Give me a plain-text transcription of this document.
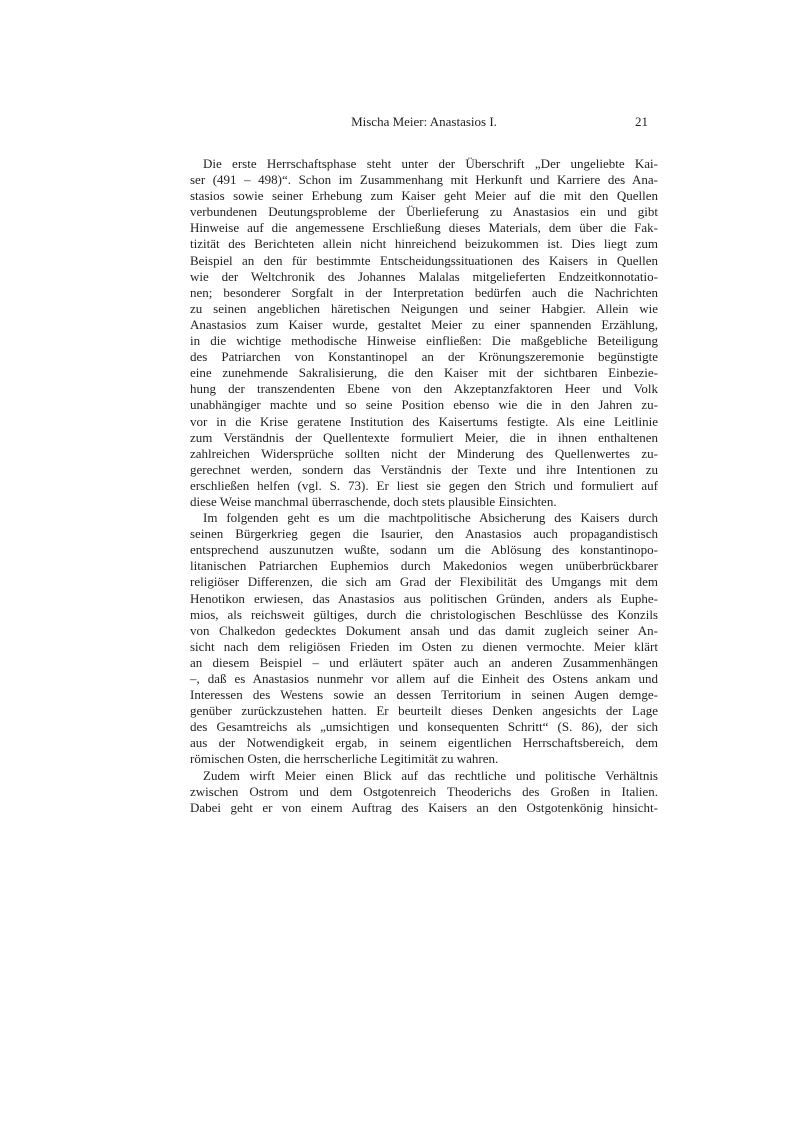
Mischa Meier: Anastasios I.	21
Die erste Herrschaftsphase steht unter der Überschrift „Der ungeliebte Kai-
ser (491 – 498)“. Schon im Zusammenhang mit Herkunft und Karriere des Ana-
stasios sowie seiner Erhebung zum Kaiser geht Meier auf die mit den Quellen
verbundenen Deutungsprobleme der Überlieferung zu Anastasios ein und gibt
Hinweise auf die angemessene Erschließung dieses Materials, dem über die Fak-
tizität des Berichteten allein nicht hinreichend beizukommen ist. Dies liegt zum
Beispiel an den für bestimmte Entscheidungssituationen des Kaisers in Quellen
wie der Weltchronik des Johannes Malalas mitgelieferten Endzeitkonnotatio-
nen; besonderer Sorgfalt in der Interpretation bedürfen auch die Nachrichten
zu seinen angeblichen häretischen Neigungen und seiner Habgier. Allein wie
Anastasios zum Kaiser wurde, gestaltet Meier zu einer spannenden Erzählung,
in die wichtige methodische Hinweise einfließen: Die maßgebliche Beteiligung
des Patriarchen von Konstantinopel an der Krönungszeremonie begünstigte
eine zunehmende Sakralisierung, die den Kaiser mit der sichtbaren Einbezie-
hung der transzendenten Ebene von den Akzeptanzfaktoren Heer und Volk
unabhängiger machte und so seine Position ebenso wie die in den Jahren zu-
vor in die Krise geratene Institution des Kaisertums festigte. Als eine Leitlinie
zum Verständnis der Quellentexte formuliert Meier, die in ihnen enthaltenen
zahlreichen Widersprüche sollten nicht der Minderung des Quellenwertes zu-
gerechnet werden, sondern das Verständnis der Texte und ihre Intentionen zu
erschließen helfen (vgl. S. 73). Er liest sie gegen den Strich und formuliert auf
diese Weise manchmal überraschende, doch stets plausible Einsichten.
Im folgenden geht es um die machtpolitische Absicherung des Kaisers durch
seinen Bürgerkrieg gegen die Isaurier, den Anastasios auch propagandistisch
entsprechend auszunutzen wußte, sodann um die Ablösung des konstantinopo-
litanischen Patriarchen Euphemios durch Makedonios wegen unüberbrückbarer
religiöser Differenzen, die sich am Grad der Flexibilität des Umgangs mit dem
Henotikon erwiesen, das Anastasios aus politischen Gründen, anders als Euphe-
mios, als reichsweit gültiges, durch die christologischen Beschlüsse des Konzils
von Chalkedon gedecktes Dokument ansah und das damit zugleich seiner An-
sicht nach dem religiösen Frieden im Osten zu dienen vermochte. Meier klärt
an diesem Beispiel – und erläutert später auch an anderen Zusammenhängen
–, daß es Anastasios nunmehr vor allem auf die Einheit des Ostens ankam und
Interessen des Westens sowie an dessen Territorium in seinen Augen demge-
genüber zurückzustehen hatten. Er beurteilt dieses Denken angesichts der Lage
des Gesamtreichs als „umsichtigen und konsequenten Schritt“ (S. 86), der sich
aus der Notwendigkeit ergab, in seinem eigentlichen Herrschaftsbereich, dem
römischen Osten, die herrscherliche Legitimität zu wahren.
Zudem wirft Meier einen Blick auf das rechtliche und politische Verhältnis
zwischen Ostrom und dem Ostgotenreich Theoderichs des Großen in Italien.
Dabei geht er von einem Auftrag des Kaisers an den Ostgotenkönig hinsicht-
